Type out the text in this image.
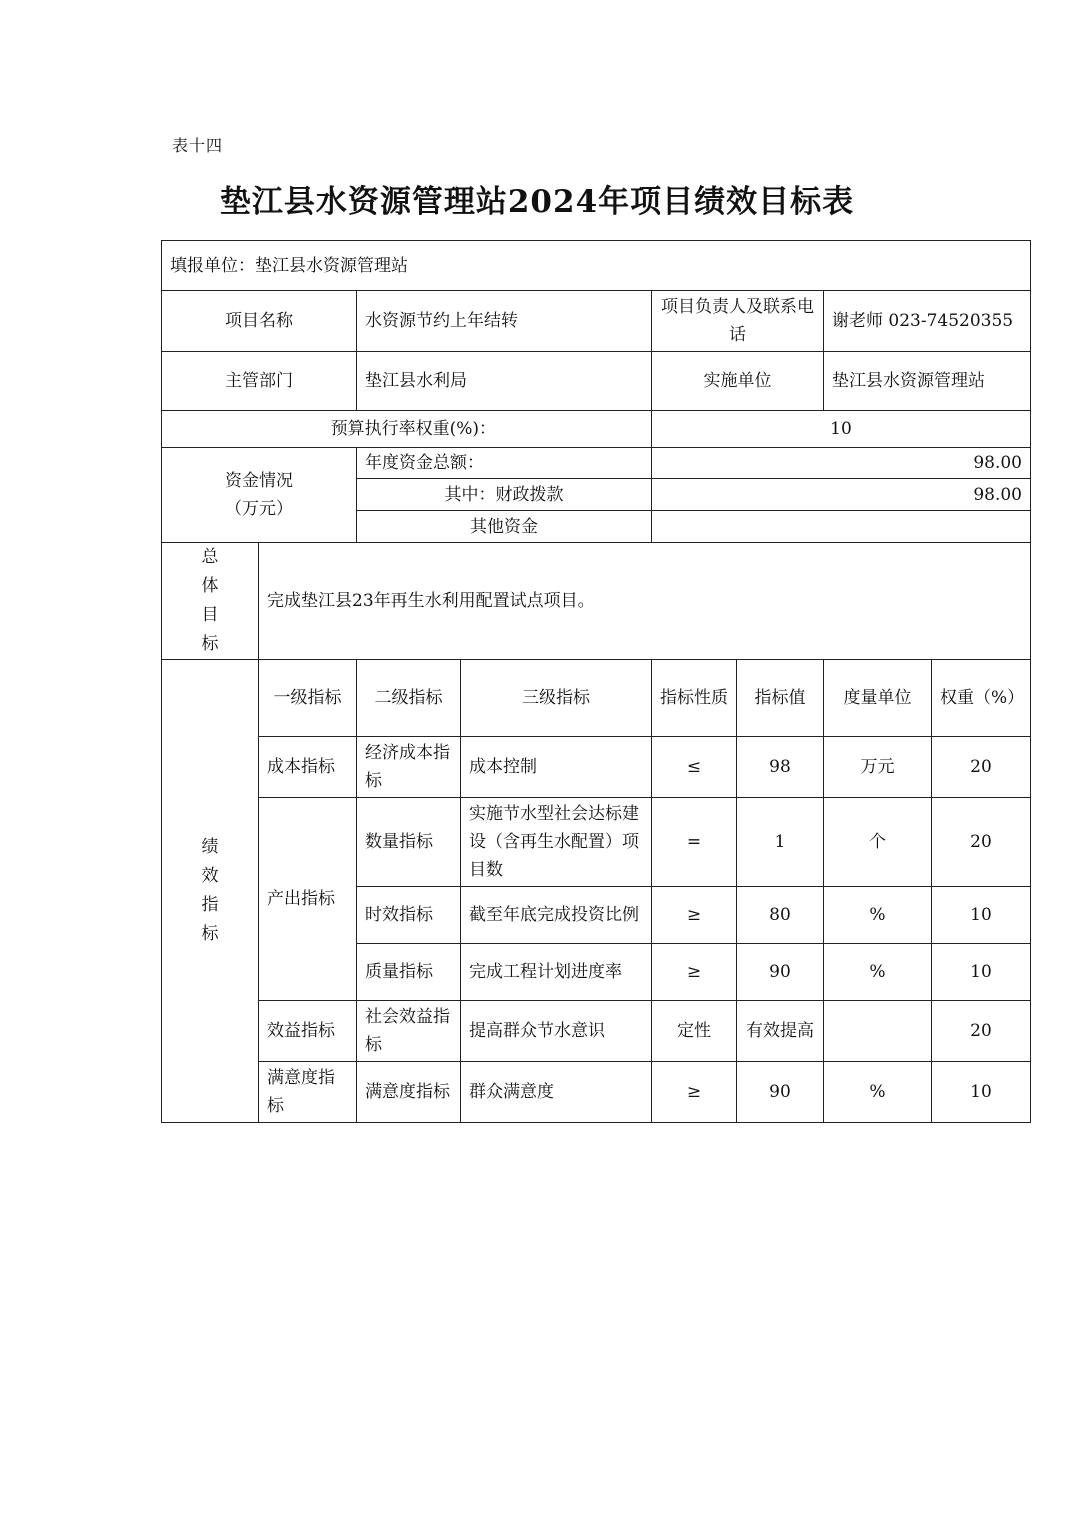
表十四
垫江县水资源管理站2024年项目绩效目标表
填报单位：垫江县水资源管理站							
项目名称		水资源节约上年结转		项目负责人及联系电话		谢老师 023-74520355	
主管部门		垫江县水利局		实施单位		垫江县水资源管理站	
预算执行率权重(%)：				10			

资金情况
（万元）		年度资金总额：		98.00			
		其中：财政拨款		98.00			
		其他资金					

总
体
目
标	完成垫江县23年再生水利用配置试点项目。						

绩
效
指
标	一级指标	二级指标	三级指标	指标性质	指标值	度量单位	权重（%）
	成本指标	经济成本指标	成本控制	≤	98	万元	20
	产出指标	数量指标	实施节水型社会达标建设（含再生水配置）项目数	=	1	个	20
		时效指标	截至年底完成投资比例	≥	80	%	10
		质量指标	完成工程计划进度率	≥	90	%	10
	效益指标	社会效益指标	提高群众节水意识	定性	有效提高		20
	满意度指标	满意度指标	群众满意度	≥	90	%	10
